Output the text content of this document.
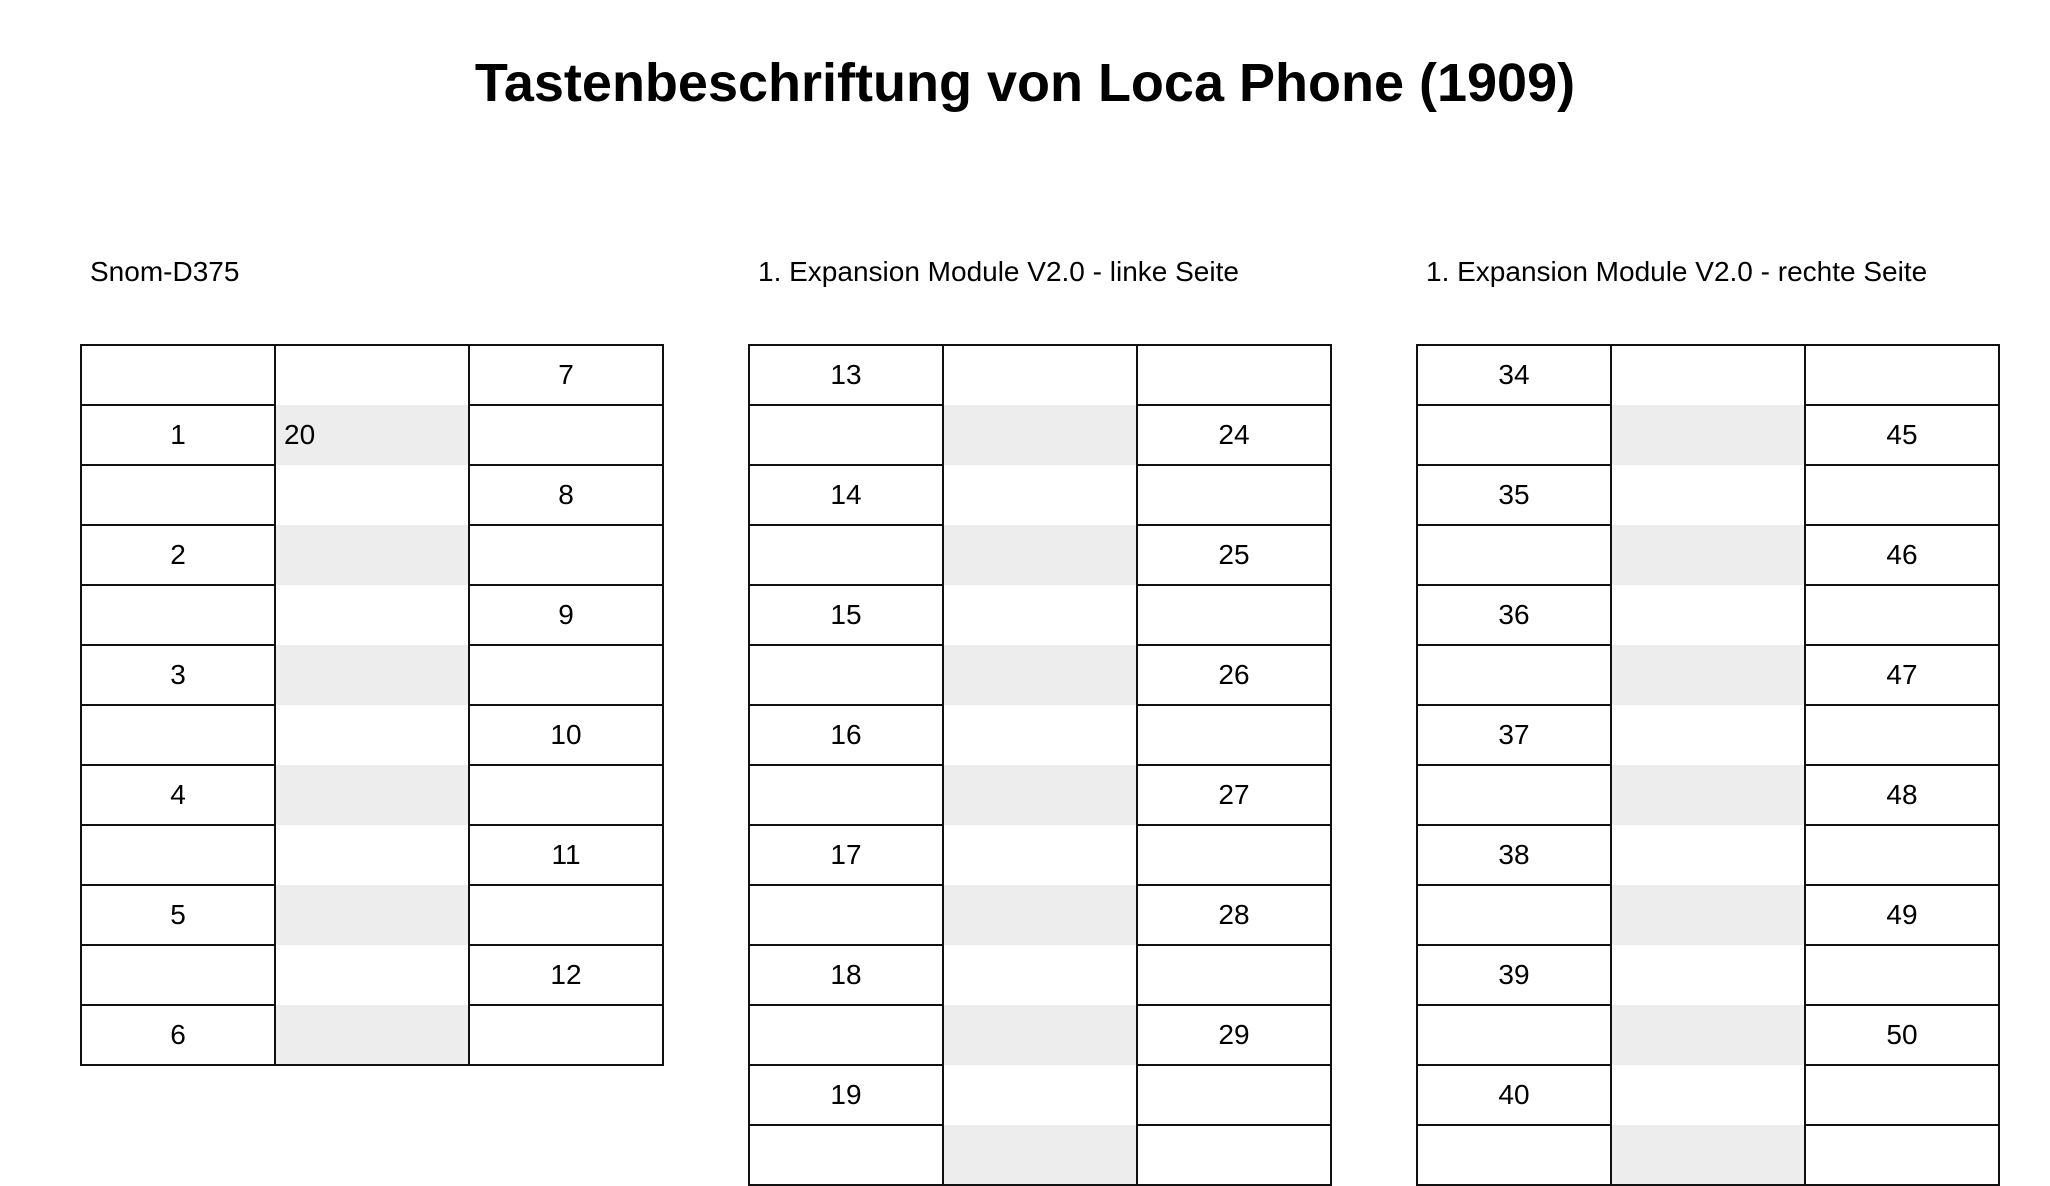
Tastenbeschriftung von Loca Phone (1909)
Snom-D375	1. Expansion Module V2.0 - linke Seite	1. Expansion Module V2.0 - rechte Seite
		7
1	20	
		8
2		
		9
3		
		10
4		
		11
5		
		12
6		
13		
		24
14		
		25
15		
		26
16		
		27
17		
		28
18		
		29
19		

34		
		45
35		
		46
36		
		47
37		
		48
38		
		49
39		
		50
40		
